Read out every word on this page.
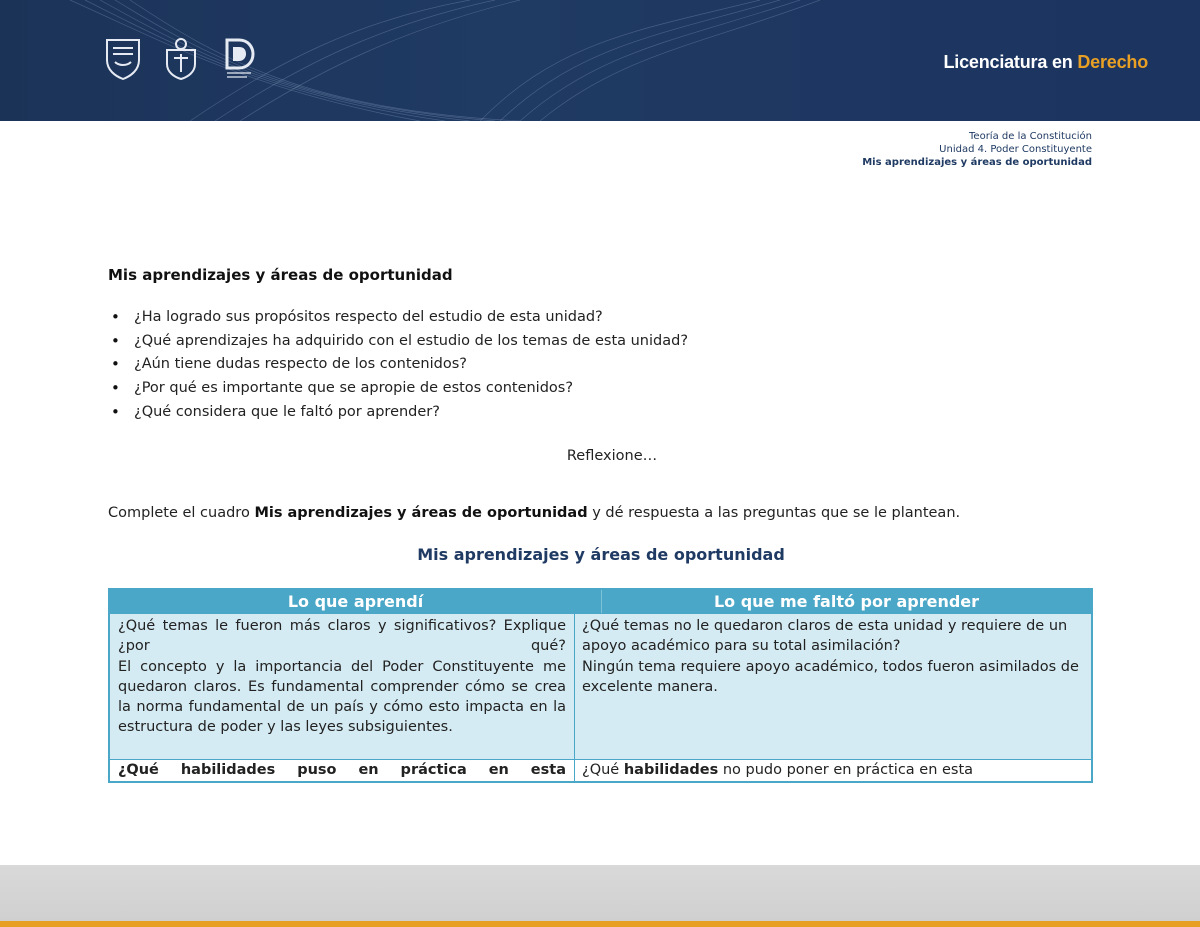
Licenciatura en Derecho
Teoría de la Constitución
Unidad 4. Poder Constituyente
Mis aprendizajes y áreas de oportunidad
Mis aprendizajes y áreas de oportunidad
• ¿Ha logrado sus propósitos respecto del estudio de esta unidad?
• ¿Qué aprendizajes ha adquirido con el estudio de los temas de esta unidad?
• ¿Aún tiene dudas respecto de los contenidos?
• ¿Por qué es importante que se apropie de estos contenidos?
• ¿Qué considera que le faltó por aprender?
Reflexione…
Complete el cuadro Mis aprendizajes y áreas de oportunidad y dé respuesta a las preguntas que se le plantean.
Mis aprendizajes y áreas de oportunidad
Lo que aprendí	Lo que me faltó por aprender
¿Qué temas le fueron más claros y significativos? Explique ¿por qué?
El concepto y la importancia del Poder Constituyente me quedaron claros. Es fundamental comprender cómo se crea la norma fundamental de un país y cómo esto impacta en la estructura de poder y las leyes subsiguientes.
¿Qué temas no le quedaron claros de esta unidad y requiere de un apoyo académico para su total asimilación?
Ningún tema requiere apoyo académico, todos fueron asimilados de excelente manera.
¿Qué habilidades puso en práctica en esta	¿Qué habilidades no pudo poner en práctica en esta
